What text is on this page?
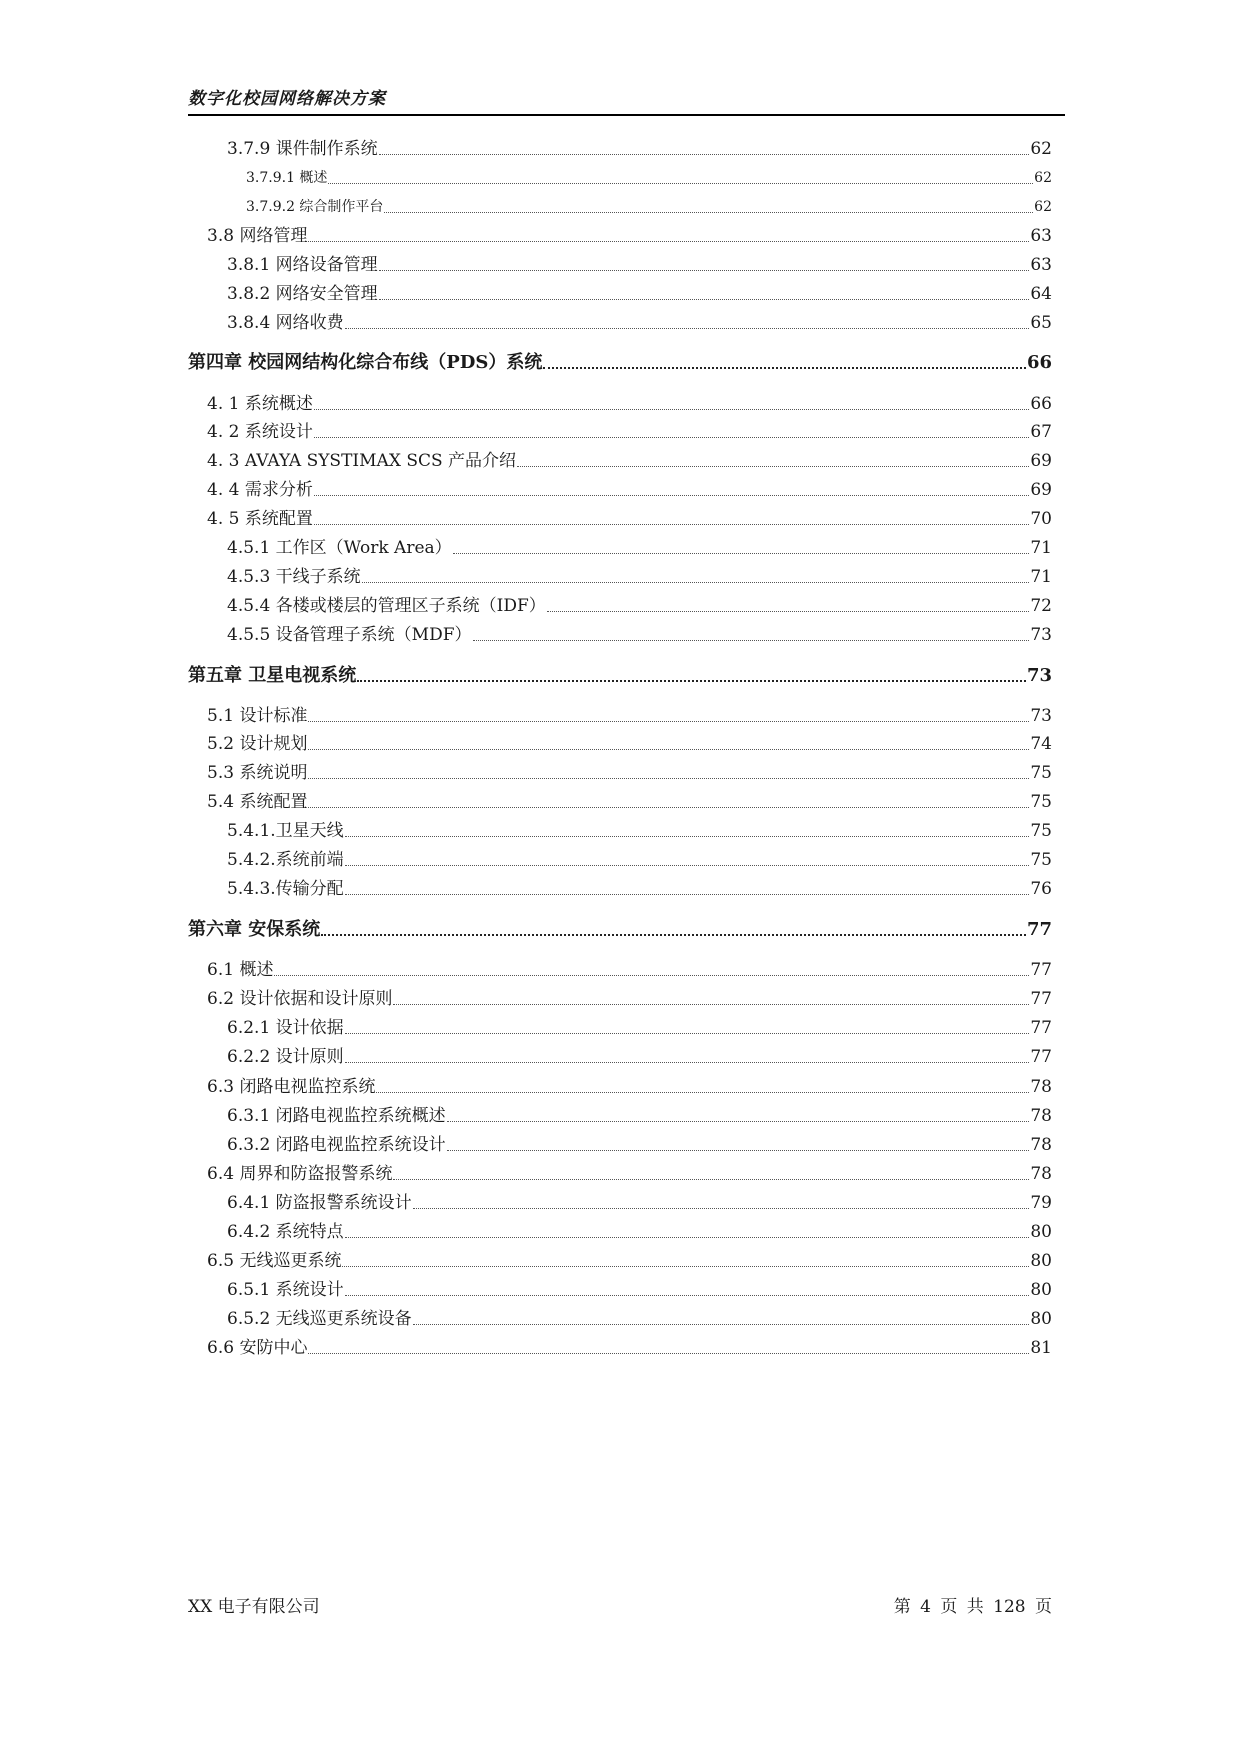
数字化校园网络解决方案
3.7.9 课件制作系统	62
3.7.9.1 概述	62
3.7.9.2 综合制作平台	62
3.8 网络管理	63
3.8.1 网络设备管理	63
3.8.2 网络安全管理	64
3.8.4 网络收费	65
第四章 校园网结构化综合布线（PDS）系统	66
4. 1 系统概述	66
4. 2 系统设计	67
4. 3 AVAYA SYSTIMAX SCS 产品介绍	69
4. 4 需求分析	69
4. 5 系统配置	70
4.5.1 工作区（Work Area）	71
4.5.3 干线子系统	71
4.5.4 各楼或楼层的管理区子系统（IDF）	72
4.5.5 设备管理子系统（MDF）	73
第五章 卫星电视系统	73
5.1 设计标准	73
5.2 设计规划	74
5.3 系统说明	75
5.4 系统配置	75
5.4.1.卫星天线	75
5.4.2.系统前端	75
5.4.3.传输分配	76
第六章 安保系统	77
6.1 概述	77
6.2 设计依据和设计原则	77
6.2.1 设计依据	77
6.2.2 设计原则	77
6.3 闭路电视监控系统	78
6.3.1 闭路电视监控系统概述	78
6.3.2 闭路电视监控系统设计	78
6.4 周界和防盗报警系统	78
6.4.1 防盗报警系统设计	79
6.4.2 系统特点	80
6.5 无线巡更系统	80
6.5.1 系统设计	80
6.5.2 无线巡更系统设备	80
6.6 安防中心	81
XX 电子有限公司	第 4 页 共 128 页
